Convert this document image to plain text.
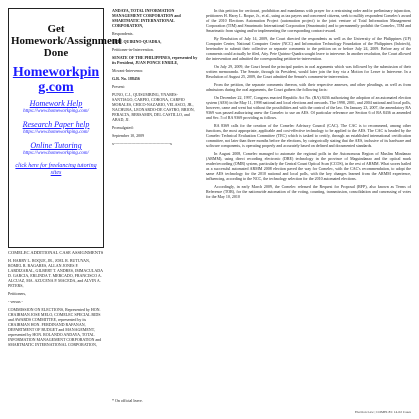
Get Homework/Assignment Done
Homeworkping.com
Homework Help
https://www.homeworkping.com/
Research Paper help
https://www.homeworkping.com/
Online Tutoring
https://www.homeworkping.com/
click here for freelancing tutoring sites
COMELEC ADDITIONAL CASE ASSIGNMENTS

H. HARRY L. ROQUE, JR., JOEL R. BUTUYAN, ROMEL R. BAGARES, ALLAN JONES F. LARDIZABAL, GILBERT T. ANDRES, IMMACULADA D. GARCIA, ERLINDA T. MERCADO, FRANCISCO A. ALCUAZ, MA. AZUCENA P. MACEDA, and ALVIN A. PETERS,

Petitioners,

- versus -

COMMISSION ON ELECTIONS, Represented by HON. CHAIRMAN JOSE MELO, COMELEC SPECIAL BIDS and AWARDS COMMITTEE, represented by its CHAIRMAN HON. FERDINAND RAFANAN, DEPARTMENT OF BUDGET and MANAGEMENT, represented by HON. ROLANDO ANDAYA, TOTAL INFORMATION MANAGEMENT CORPORATION and SMARTMATIC INTERNATIONAL CORPORATION,

ANDAYA, TOTAL INFORMATION MANAGEMENT CORPORATION and SMARTMATIC INTERNATIONAL CORPORATION,

Respondents.

PETE QUIRINO-QUADRA,

Petitioner-in-Intervention.

SENATE OF THE PHILIPPINES, represented by its President, JUAN PONCE ENRILE,

Movant-Intervenor.

G.R. No. 188456

Present:

PUNO, C.J., QUISUMBING, YNARES-SANTIAGO, CARPIO, CORONA, CARPIO MORALES, CHICO-NAZARIO, VELASCO, JR., NACHURA, LEONARDO-DE CASTRO, BRION, PERALTA, BERSAMIN, DEL CASTILLO, and ABAD, JJ.

Promulgated:

September 10, 2009

x------------------------------------------x

In this petition for certiorari, prohibition and mandamus with prayer for a restraining order and/or preliminary injunction, petitioners H. Harry L. Roque, Jr., et al., suing as tax payers and concerned citizens, seek to nullify respondent Comelec's award of the 2010 Elections Automation Project (automation project) to the joint venture of Total Information Management Corporation (TIM) and Smartmatic International Corporation (Smartmatic) and to permanently prohibit the Comelec, TIM and Smartmatic from signing and/or implementing the corresponding contract-award.

By Resolution of July 14, 2009, the Court directed the respondents as well as the University of the Philippines (UP) Computer Center, National Computer Center (NCC) and Information Technology Foundation of the Philippines (Infotech), hereinafter to submit their collective or separate comments to the petition on or before July 24, 2009. Before any of the comments could actually be filed, Atty. Pete Quirino-Quadra sought leave to intervene. In another resolution, the Court allowed the intervention and admitted the corresponding petition-in-intervention.

On July 29, 2009, the Court heard the principal parties in oral arguments which was followed by the submission of their written memoranda. The Senate, through its President, would later join the fray via a Motion for Leave to Intervene. In a Resolution of August 25, 2009, the Court admitted the Senate's comment-in-intervention.

From the petition, the separate comments thereon, with their respective annexes, and other pleadings, as well as from admissions during the oral arguments, the Court gathers the following facts:

On December 22, 1997, Congress enacted Republic Act No. (RA) 8436 authorizing the adoption of an automated election system (AES) in the May 11, 1998 national and local elections and onwards. The 1998, 2001, and 2004 national and local polls, however, came and went but without the possibilities and with the control of the law. On January 23, 2007, the amendatory RA 9369 was passed authorizing anew the Comelec to use an AES. Of particular relevance are Section 6 of RA 8436 as amended and Sec. 5 of RA 9369 providing as follows.

RA 8369 calls for the creation of the Comelec Advisory Council (CAC). The CAC is to recommend, among other functions, the most appropriate, applicable and cost-effective technology to be applied to the AES. The CAC is headed by the Comelec Technical Evaluation Committee (TEC) which is tasked to certify, through an established international certification committee, not later than three months before the elections, by categorically stating that the AES, inclusive of its hardware and software components, is operating properly and accurately based on defined and documented standards.

In August 2008, Comelec managed to automate the regional polls in the Autonomous Region of Muslim Mindanao (ARMM), using direct recording electronic (DRE) technology in the province of Maguindanao and the optical mark reader/recording (OMR) system, particularly the Central Count Optical Scan (CCOS), in the rest of ARMM. What scores hailed as a successful automated ARMM 2008 election paved the way for Comelec, with the CAC's recommendation, to adopt the same AES technology for the 2010 national and local polls, with the key changes learned from the ARMM experience, influencing, according to the NCC, the technology selection for the 2010 automated elections.

Accordingly, in early March 2009, the Comelec released the Request for Proposal (RFP), also known as Terms of Reference (TOR), for the nationwide automation of the voting, counting, transmission, consolidation and canvassing of votes for the May 10, 2010

* On official leave.
Election Law | COMELEC 14-02 Cases
